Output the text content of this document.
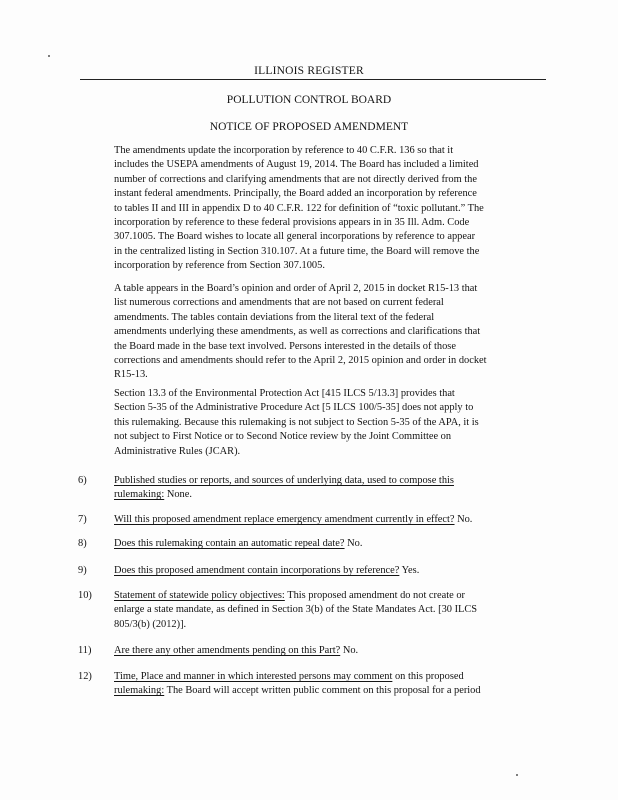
ILLINOIS REGISTER
POLLUTION CONTROL BOARD
NOTICE OF PROPOSED AMENDMENT

The amendments update the incorporation by reference to 40 C.F.R. 136 so that it
includes the USEPA amendments of August 19, 2014. The Board has included a limited
number of corrections and clarifying amendments that are not directly derived from the
instant federal amendments. Principally, the Board added an incorporation by reference
to tables II and III in appendix D to 40 C.F.R. 122 for definition of “toxic pollutant.” The
incorporation by reference to these federal provisions appears in in 35 Ill. Adm. Code
307.1005. The Board wishes to locate all general incorporations by reference to appear
in the centralized listing in Section 310.107. At a future time, the Board will remove the
incorporation by reference from Section 307.1005.

A table appears in the Board’s opinion and order of April 2, 2015 in docket R15-13 that
list numerous corrections and amendments that are not based on current federal
amendments. The tables contain deviations from the literal text of the federal
amendments underlying these amendments, as well as corrections and clarifications that
the Board made in the base text involved. Persons interested in the details of those
corrections and amendments should refer to the April 2, 2015 opinion and order in docket
R15-13.

Section 13.3 of the Environmental Protection Act [415 ILCS 5/13.3] provides that
Section 5-35 of the Administrative Procedure Act [5 ILCS 100/5-35] does not apply to
this rulemaking. Because this rulemaking is not subject to Section 5-35 of the APA, it is
not subject to First Notice or to Second Notice review by the Joint Committee on
Administrative Rules (JCAR).

6)	Published studies or reports, and sources of underlying data, used to compose this
rulemaking: None.
7)	Will this proposed amendment replace emergency amendment currently in effect? No.
8)	Does this rulemaking contain an automatic repeal date? No.
9)	Does this proposed amendment contain incorporations by reference? Yes.
10) Statement of statewide policy objectives: This proposed amendment do not create or
enlarge a state mandate, as defined in Section 3(b) of the State Mandates Act. [30 ILCS
805/3(b) (2012)].
11) Are there any other amendments pending on this Part? No.
12) Time, Place and manner in which interested persons may comment on this proposed
rulemaking: The Board will accept written public comment on this proposal for a period
